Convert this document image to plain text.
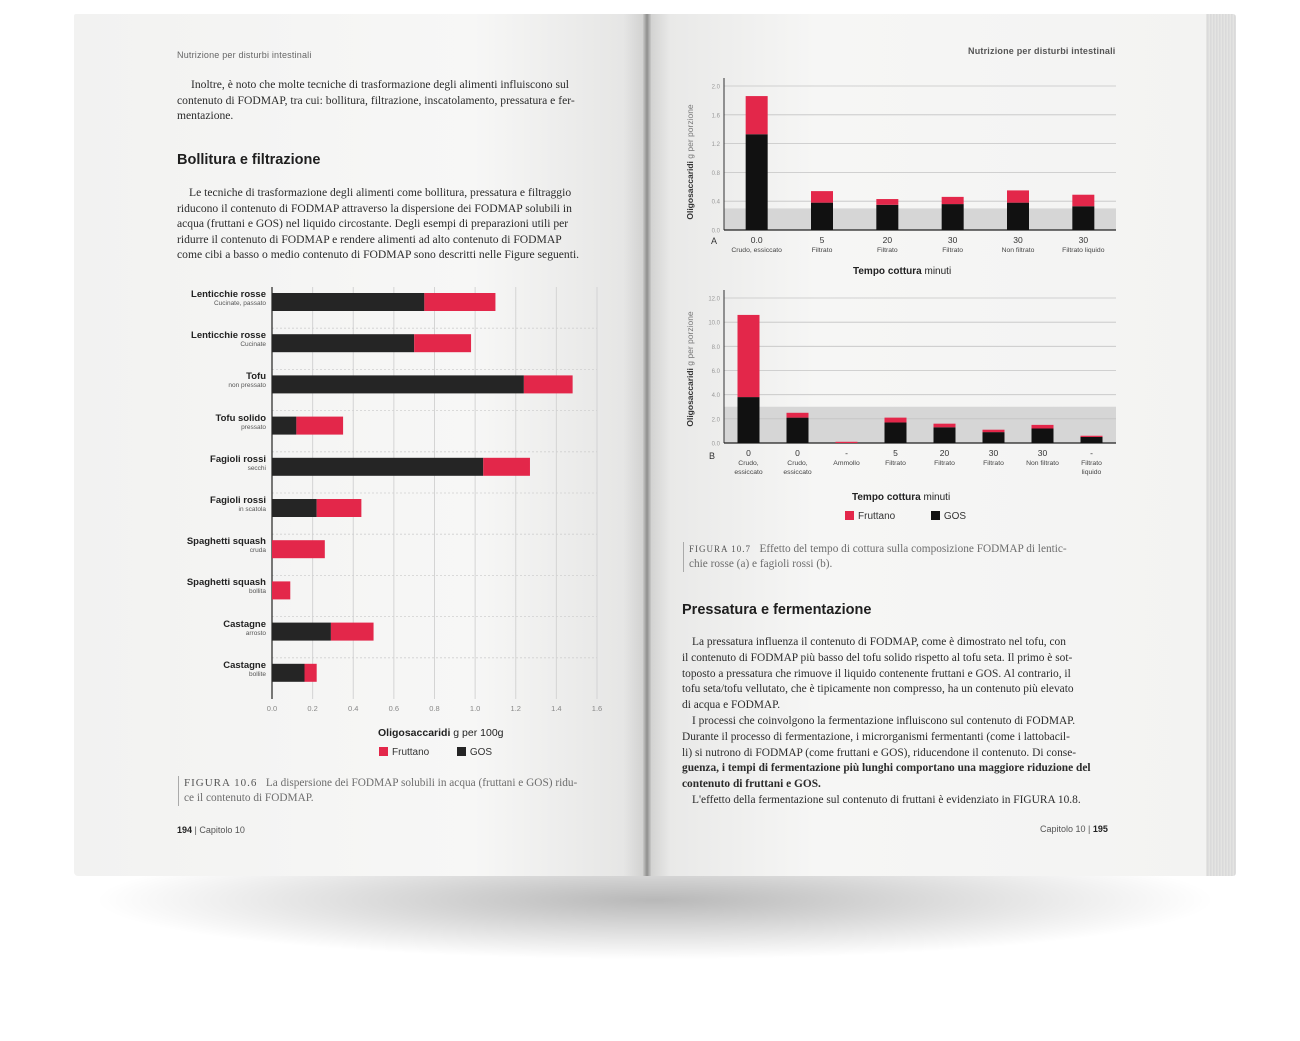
Nutrizione per disturbi intestinali
Inoltre, è noto che molte tecniche di trasformazione degli alimenti influiscono sul
contenuto di FODMAP, tra cui: bollitura, filtrazione, inscatolamento, pressatura e fer-
mentazione.
Bollitura e filtrazione
Le tecniche di trasformazione degli alimenti come bollitura, pressatura e filtraggio
riducono il contenuto di FODMAP attraverso la dispersione dei FODMAP solubili in
acqua (fruttani e GOS) nel liquido circostante. Degli esempi di preparazioni utili per
ridurre il contenuto di FODMAP e rendere alimenti ad alto contenuto di FODMAP
come cibi a basso o medio contenuto di FODMAP sono descritti nelle Figure seguenti.
Lenticchie rosse
Cucinate, passato
Lenticchie rosse
Cucinate
Tofu
non pressato
Tofu solido
pressato
Fagioli rossi
secchi
Fagioli rossi
in scatola
Spaghetti squash
cruda
Spaghetti squash
bollita
Castagne
arrosto
Castagne
bollite
0.0	0.2	0.4	0.6	0.8	1.0	1.2	1.4	1.6
Oligosaccaridi g per 100g
Fruttano	GOS
FIGURA 10.6 La dispersione dei FODMAP solubili in acqua (fruttani e GOS) ridu-
ce il contenuto di FODMAP.
194 | Capitolo 10
Nutrizione per disturbi intestinali
Oligosaccaridi g per porzione
A
0.0
0.4
0.8
1.2
1.6
2.0
0.0
Crudo, essiccato
5
Filtrato
20
Filtrato
30
Filtrato
30
Non filtrato
30
Filtrato liquido
Tempo cottura minuti
Oligosaccaridi g per porzione
B
0.0
2.0
4.0
6.0
8.0
10.0
12.0
0
Crudo,
essiccato
0
Crudo,
essiccato
-
Ammollo
5
Filtrato
20
Filtrato
30
Filtrato
30
Non filtrato
-
Filtrato
liquido
Tempo cottura minuti
Fruttano	GOS
FIGURA 10.7 Effetto del tempo di cottura sulla composizione FODMAP di lentic-
chie rosse (a) e fagioli rossi (b).
Pressatura e fermentazione
La pressatura influenza il contenuto di FODMAP, come è dimostrato nel tofu, con
il contenuto di FODMAP più basso del tofu solido rispetto al tofu seta. Il primo è sot-
toposto a pressatura che rimuove il liquido contenente fruttani e GOS. Al contrario, il
tofu seta/tofu vellutato, che è tipicamente non compresso, ha un contenuto più elevato
di acqua e FODMAP.
I processi che coinvolgono la fermentazione influiscono sul contenuto di FODMAP.
Durante il processo di fermentazione, i microrganismi fermentanti (come i lattobacil-
li) si nutrono di FODMAP (come fruttani e GOS), riducendone il contenuto. Di conse-
guenza, i tempi di fermentazione più lunghi comportano una maggiore riduzione del
contenuto di fruttani e GOS.
L'effetto della fermentazione sul contenuto di fruttani è evidenziato in FIGURA 10.8.
Capitolo 10 | 195
